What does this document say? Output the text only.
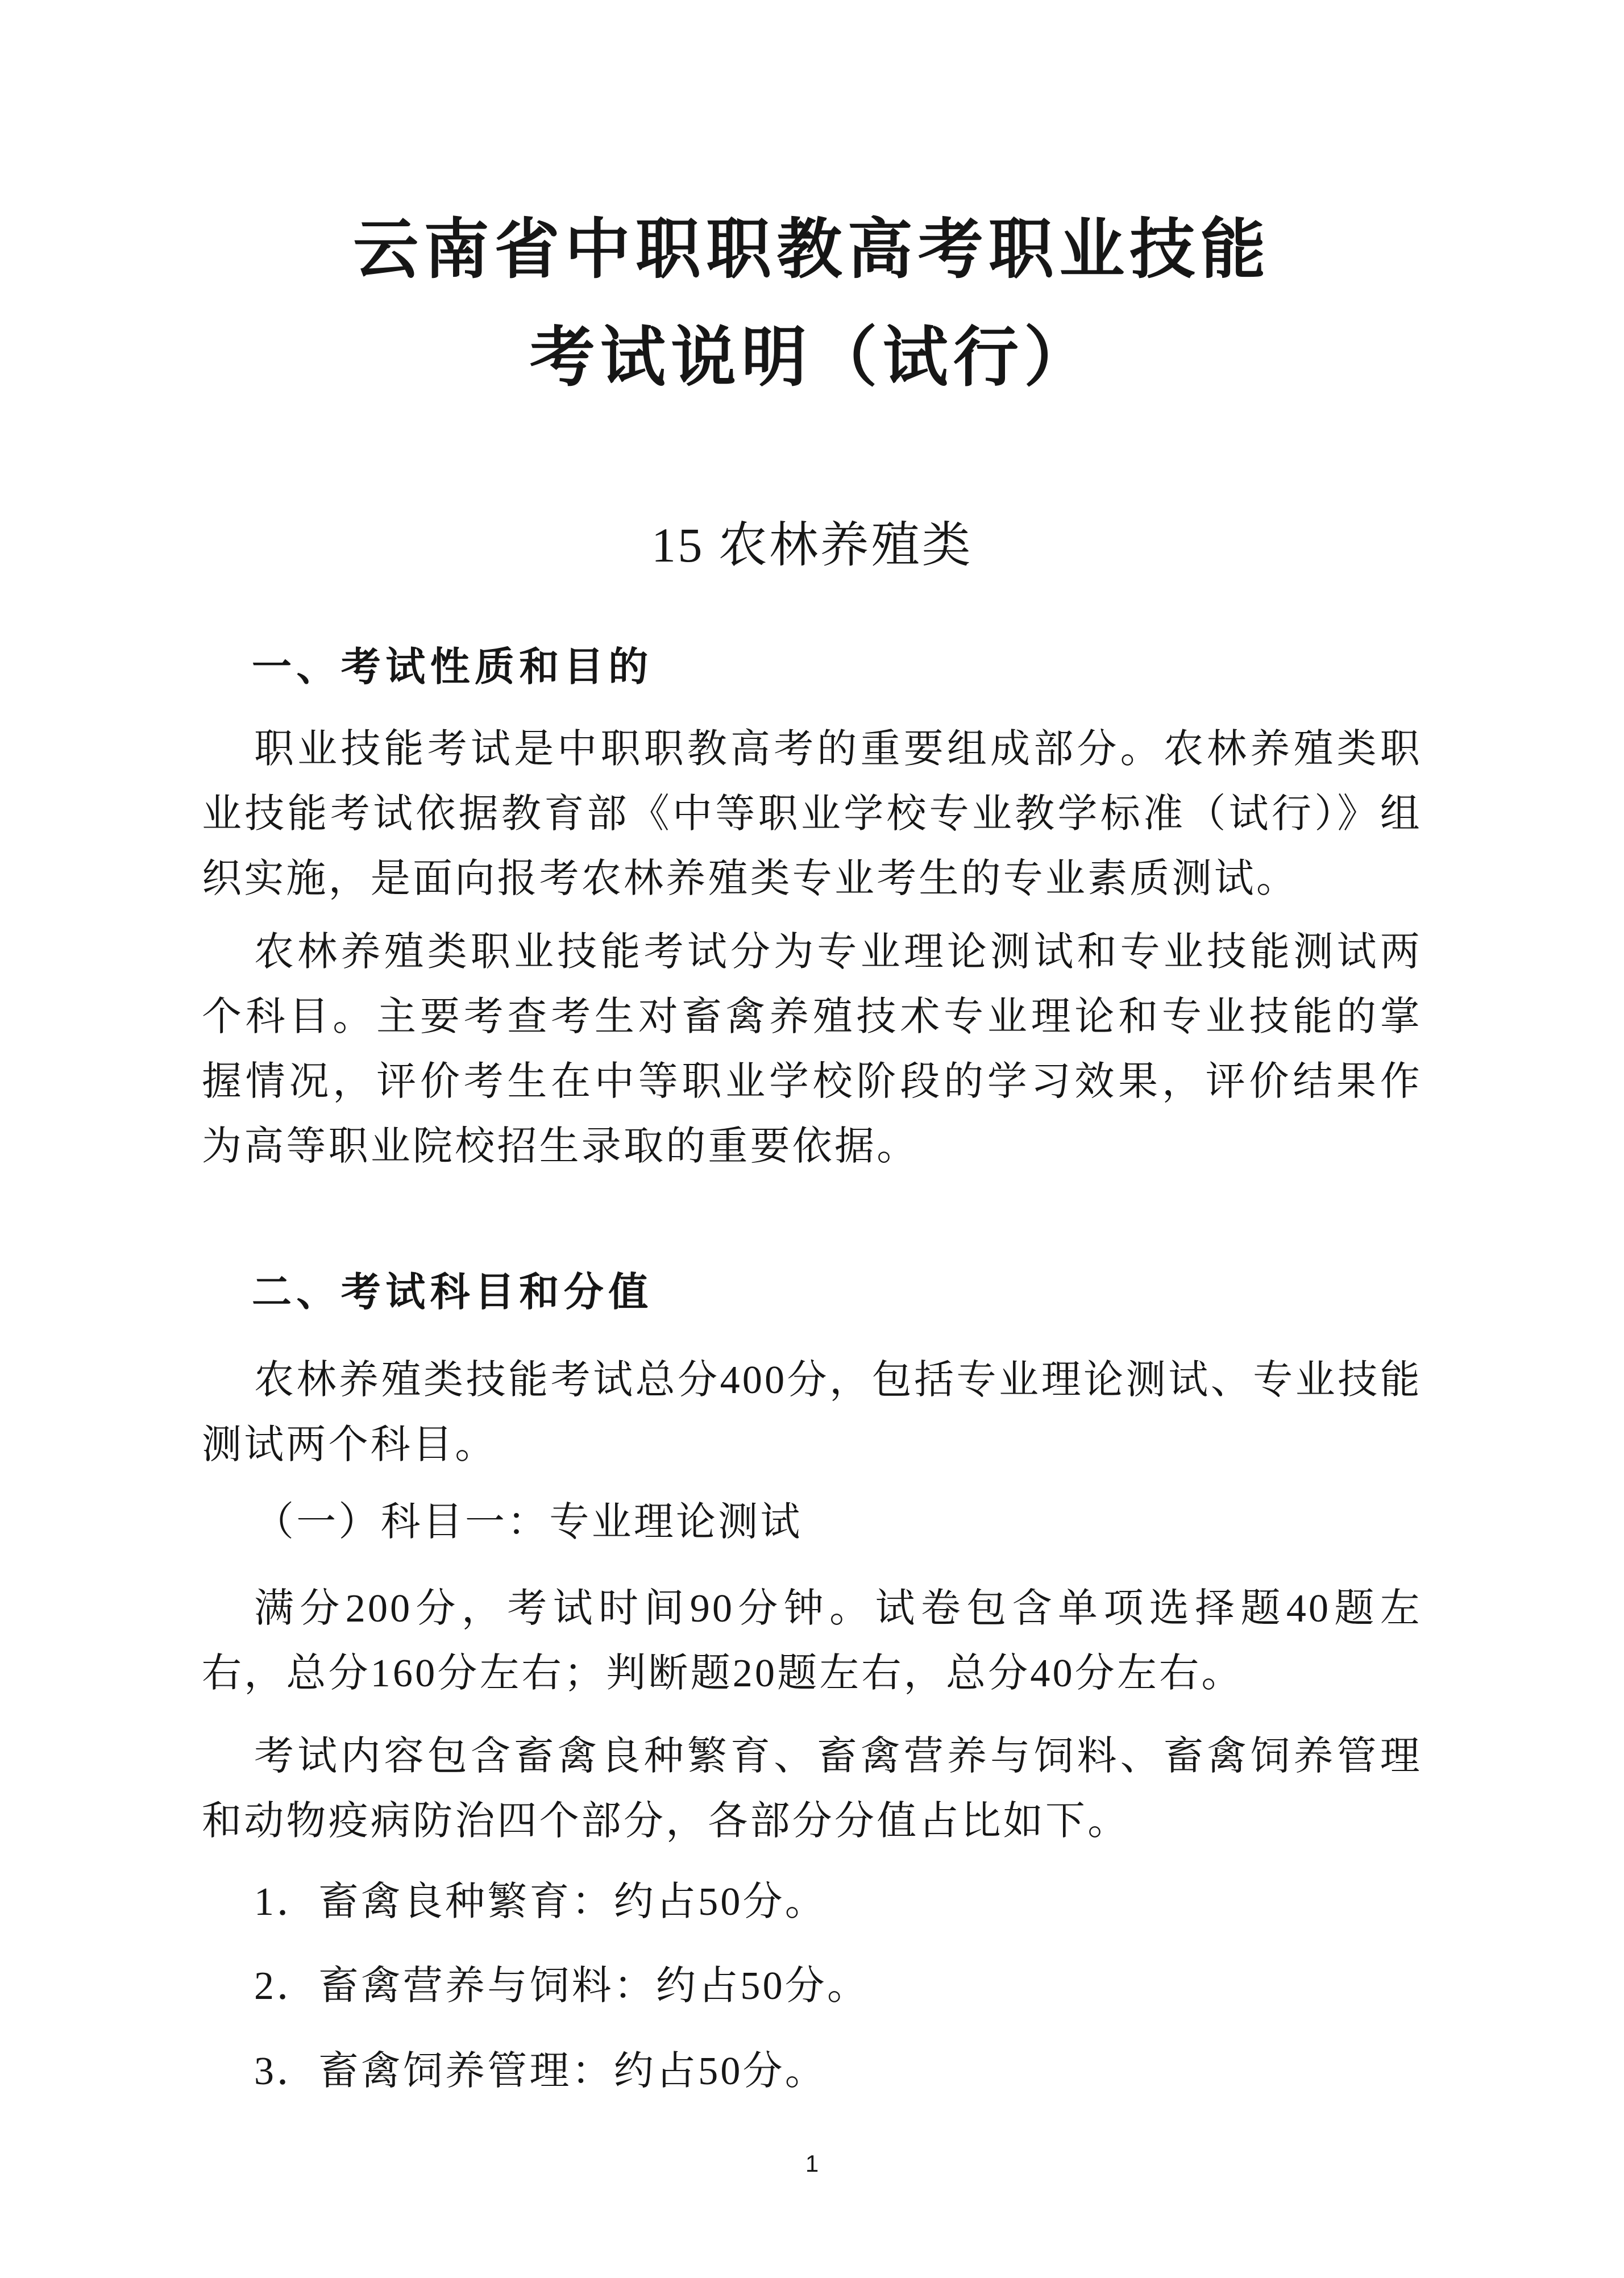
云南省中职职教高考职业技能
考试说明（试行）
15 农林养殖类
一、考试性质和目的

职业技能考试是中职职教高考的重要组成部分。农林养殖类职业技能考试依据教育部《中等职业学校专业教学标准（试行）》组织实施，是面向报考农林养殖类专业考生的专业素质测试。

农林养殖类职业技能考试分为专业理论测试和专业技能测试两个科目。主要考查考生对畜禽养殖技术专业理论和专业技能的掌握情况，评价考生在中等职业学校阶段的学习效果，评价结果作为高等职业院校招生录取的重要依据。

二、考试科目和分值

农林养殖类技能考试总分400分，包括专业理论测试、专业技能测试两个科目。

（一）科目一：专业理论测试

满分200分，考试时间90分钟。试卷包含单项选择题40题左右，总分160分左右；判断题20题左右，总分40分左右。

考试内容包含畜禽良种繁育、畜禽营养与饲料、畜禽饲养管理和动物疫病防治四个部分，各部分分值占比如下。

1．畜禽良种繁育：约占50分。

2．畜禽营养与饲料：约占50分。

3．畜禽饲养管理：约占50分。

1
